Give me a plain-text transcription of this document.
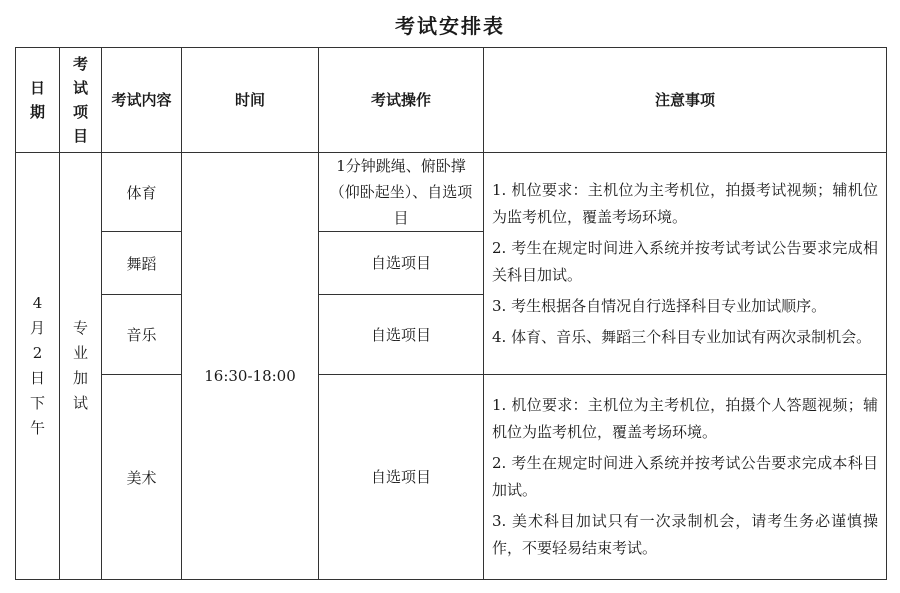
考试安排表
日期	考试项目	考试内容	时间	考试操作	注意事项

4月2日下午	专业加试	体育	16:30-18:00	1分钟跳绳、俯卧撑（仰卧起坐）、自选项目	1. 机位要求：主机位为主考机位，拍摄考试视频；辅机位为监考机位，覆盖考场环境。

2. 考生在规定时间进入系统并按考试考试公告要求完成相关科目加试。

3. 考生根据各自情况自行选择科目专业加试顺序。

4. 体育、音乐、舞蹈三个科目专业加试有两次录制机会。

		舞蹈		自选项目	
		音乐		自选项目	
		美术		自选项目	1. 机位要求：主机位为主考机位，拍摄个人答题视频；辅机位为监考机位，覆盖考场环境。

2. 考生在规定时间进入系统并按考试公告要求完成本科目加试。

3. 美术科目加试只有一次录制机会，请考生务必谨慎操作，不要轻易结束考试。
